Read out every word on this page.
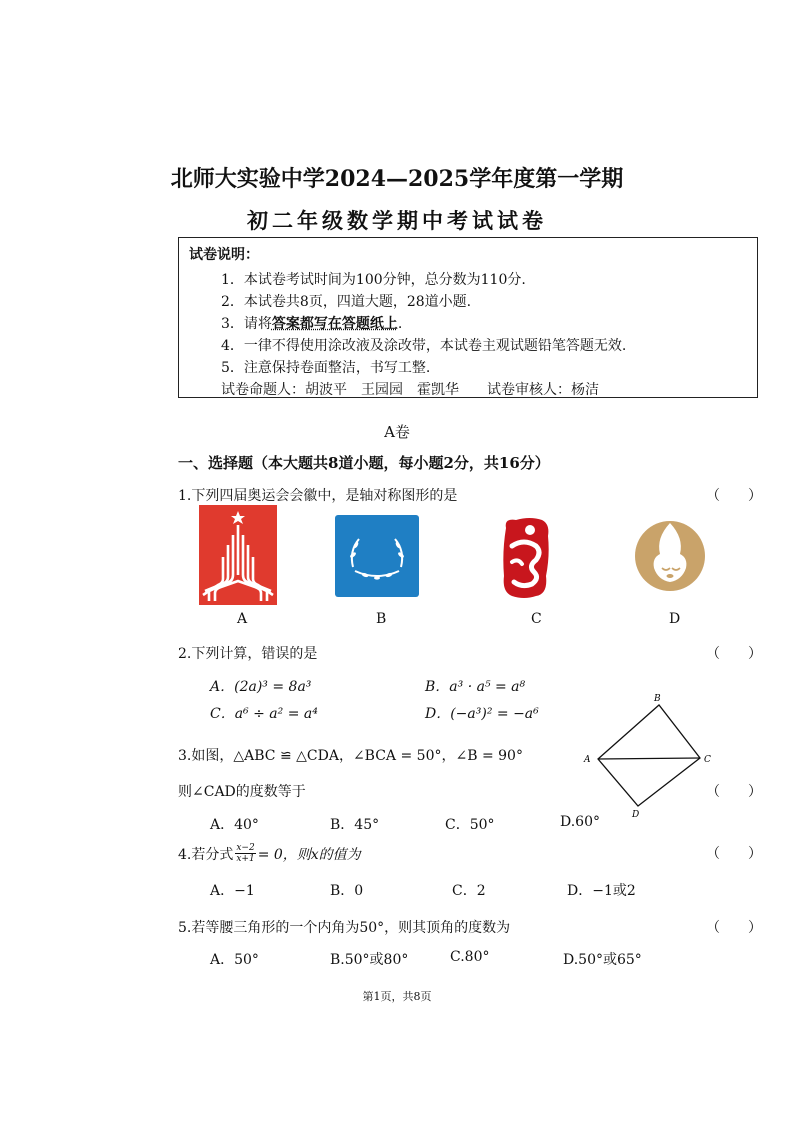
北师大实验中学2024—2025学年度第一学期
初二年级数学期中考试试卷
试卷说明：
1．本试卷考试时间为100分钟，总分数为110分.
2．本试卷共8页，四道大题，28道小题.
3．请将答案都写在答题纸上.
4．一律不得使用涂改液及涂改带，本试卷主观试题铅笔答题无效.
5．注意保持卷面整洁，书写工整.
试卷命题人：胡波平　王园园　霍凯华　　试卷审核人：杨洁
A卷
一、选择题（本大题共8道小题，每小题2分，共16分）
1.下列四届奥运会会徽中，是轴对称图形的是	（　　）
A	B	C	D
2.下列计算，错误的是	（　　）
A．(2a)³ = 8a³	B．a³ · a⁵ = a⁸
C．a⁶ ÷ a² = a⁴	D．(−a³)² = −a⁶
A
B
C
D
3.如图，△ABC ≌ △CDA，∠BCA = 50°，∠B = 90°
则∠CAD的度数等于	（　　）
A．40°	B．45°	C．50°	D.60°
4.若分式 $\frac{x-2}{x+1} = 0$，则x的值为	（　　）
A．−1	B．0	C．2	D．−1或2
5.若等腰三角形的一个内角为50°，则其顶角的度数为	（　　）
A．50°	B.50°或80°	C.80°	D.50°或65°
第1页，共8页
